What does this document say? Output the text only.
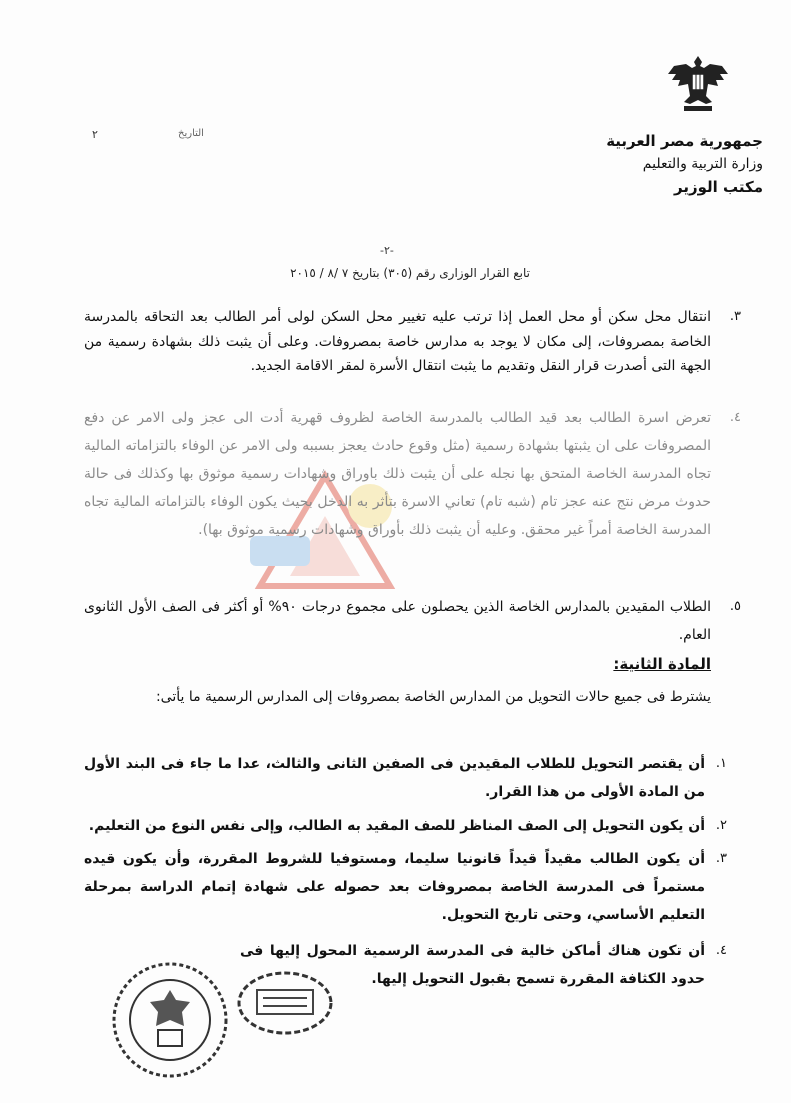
جمهورية مصر العربية
وزارة التربية والتعليم
مكتب الوزير
التاريخ
٢
-٢-
تابع القرار الوزارى رقم (٣٠٥) بتاريخ ٧ /٨ / ٢٠١٥

٣.
انتقال محل سكن أو محل العمل إذا ترتب عليه تغيير محل السكن لولى أمر الطالب بعد التحاقه بالمدرسة الخاصة بمصروفات، إلى مكان لا يوجد به مدارس خاصة بمصروفات. وعلى أن يثبت ذلك بشهادة رسمية من الجهة التى أصدرت قرار النقل وتقديم ما يثبت انتقال الأسرة لمقر الاقامة الجديد.

٤.
تعرض اسرة الطالب بعد قيد الطالب بالمدرسة الخاصة لظروف قهرية أدت الى عجز ولى الامر عن دفع المصروفات على ان يثبتها بشهادة رسمية (مثل وقوع حادث يعجز بسببه ولى الامر عن الوفاء بالتزاماته المالية تجاه المدرسة الخاصة المتحق بها نجله على أن يثبت ذلك باوراق وشهادات رسمية موثوق بها وكذلك فى حالة حدوث مرض نتج عنه عجز تام (شبه تام) تعاني الاسرة بتأثر به الدخل بحيث يكون الوفاء بالتزاماته المالية تجاه المدرسة الخاصة أمراً غير محقق. وعليه أن يثبت ذلك بأوراق وشهادات رسمية موثوق بها).

٥.
الطلاب المقيدين بالمدارس الخاصة الذين يحصلون على مجموع درجات ٩٠% أو أكثر فى الصف الأول الثانوى العام.

المادة الثانية:
يشترط فى جميع حالات التحويل من المدارس الخاصة بمصروفات إلى المدارس الرسمية ما يأتى:
١.
أن يقتصر التحويل للطلاب المقيدين فى الصفين الثانى والثالث، عدا ما جاء فى البند الأول من المادة الأولى من هذا القرار.
٢.
أن يكون التحويل إلى الصف المناظر للصف المقيد به الطالب، وإلى نفس النوع من التعليم.
٣.
أن يكون الطالب مقيداً قيداً قانونيا سليما، ومستوفيا للشروط المقررة، وأن يكون قيده مستمراً فى المدرسة الخاصة بمصروفات بعد حصوله على شهادة إتمام الدراسة بمرحلة التعليم الأساسي، وحتى تاريخ التحويل.
٤.
أن تكون هناك أماكن خالية فى المدرسة الرسمية المحول إليها فى حدود الكثافة المقررة تسمح بقبول التحويل إليها.
